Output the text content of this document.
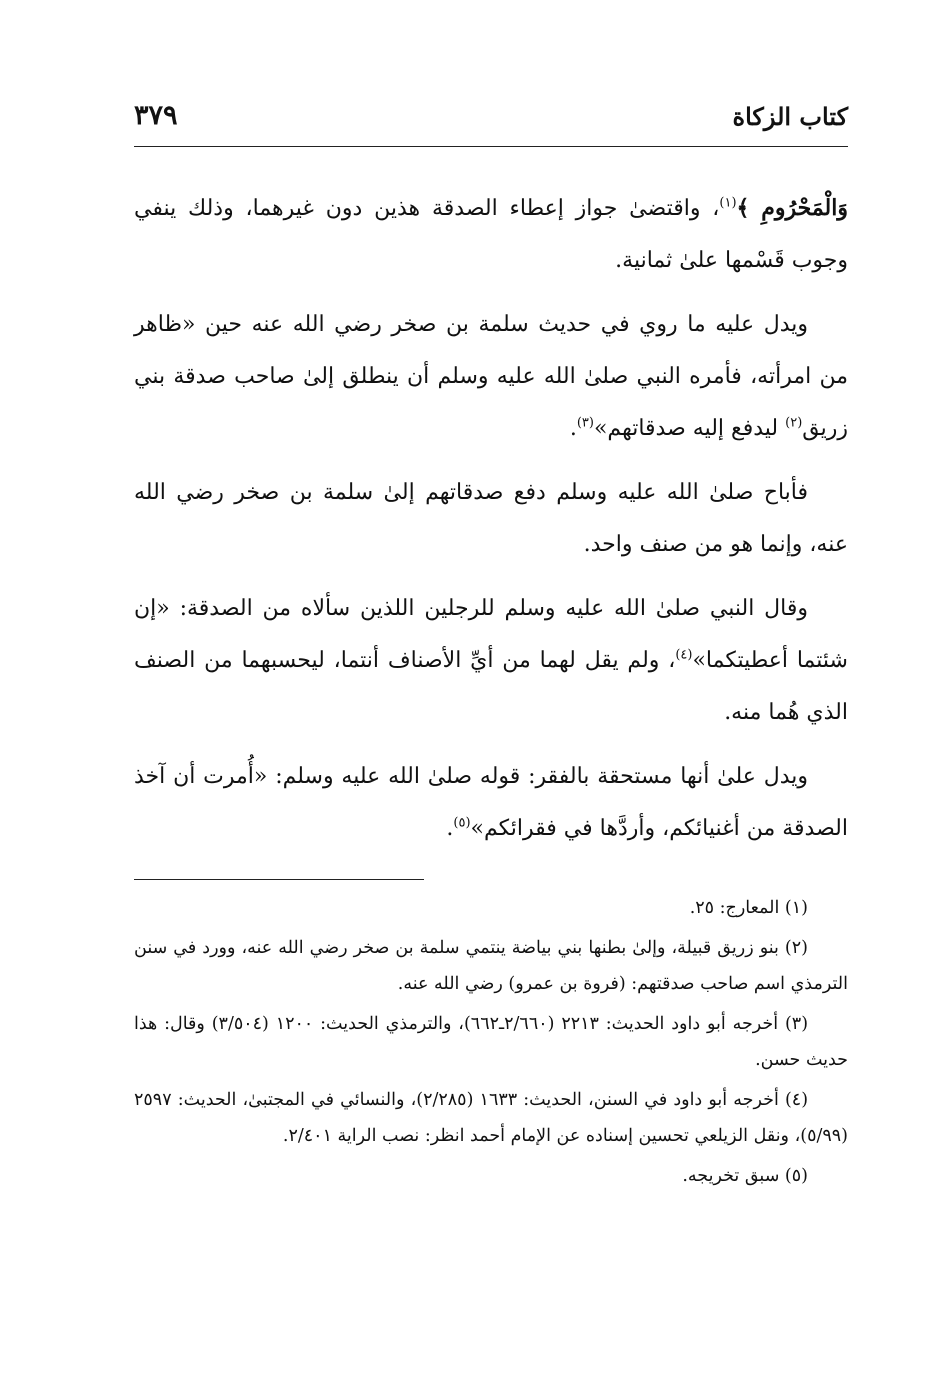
كتاب الزكاة
٣٧٩

وَالْمَحْرُومِ ﴾$^{(١)}$، واقتضىٰ جواز إعطاء الصدقة هذين دون غيرهما، وذلك ينفي وجوب قَسْمها علىٰ ثمانية.

ويدل عليه ما روي في حديث سلمة بن صخر رضي الله عنه حين «ظاهر من امرأته، فأمره النبي صلىٰ الله عليه وسلم أن ينطلق إلىٰ صاحب صدقة بني زريق$^{(٢)}$ ليدفع إليه صدقاتهم»$^{(٣)}$.

فأباح صلىٰ الله عليه وسلم دفع صدقاتهم إلىٰ سلمة بن صخر رضي الله عنه، وإنما هو من صنف واحد.

وقال النبي صلىٰ الله عليه وسلم للرجلين اللذين سألاه من الصدقة: «إن شئتما أعطيتكما»$^{(٤)}$، ولم يقل لهما من أيِّ الأصناف أنتما، ليحسبهما من الصنف الذي هُما منه.

ويدل علىٰ أنها مستحقة بالفقر: قوله صلىٰ الله عليه وسلم: «أُمرت أن آخذ الصدقة من أغنيائكم، وأردَّها في فقرائكم»$^{(٥)}$.

(١) المعارج: ٢٥.

(٢) بنو زريق قبيلة، وإلىٰ بطنها بني بياضة ينتمي سلمة بن صخر رضي الله عنه، وورد في سنن الترمذي اسم صاحب صدقتهم: (فروة بن عمرو) رضي الله عنه.

(٣) أخرجه أبو داود الحديث: ٢٢١٣ (٢/٦٦٠ـ٦٦٢)، والترمذي الحديث: ١٢٠٠ (٣/٥٠٤) وقال: هذا حديث حسن.

(٤) أخرجه أبو داود في السنن، الحديث: ١٦٣٣ (٢/٢٨٥)، والنسائي في المجتبىٰ، الحديث: ٢٥٩٧ (٥/٩٩)، ونقل الزيلعي تحسين إسناده عن الإمام أحمد انظر: نصب الراية ٢/٤٠١.

(٥) سبق تخريجه.
